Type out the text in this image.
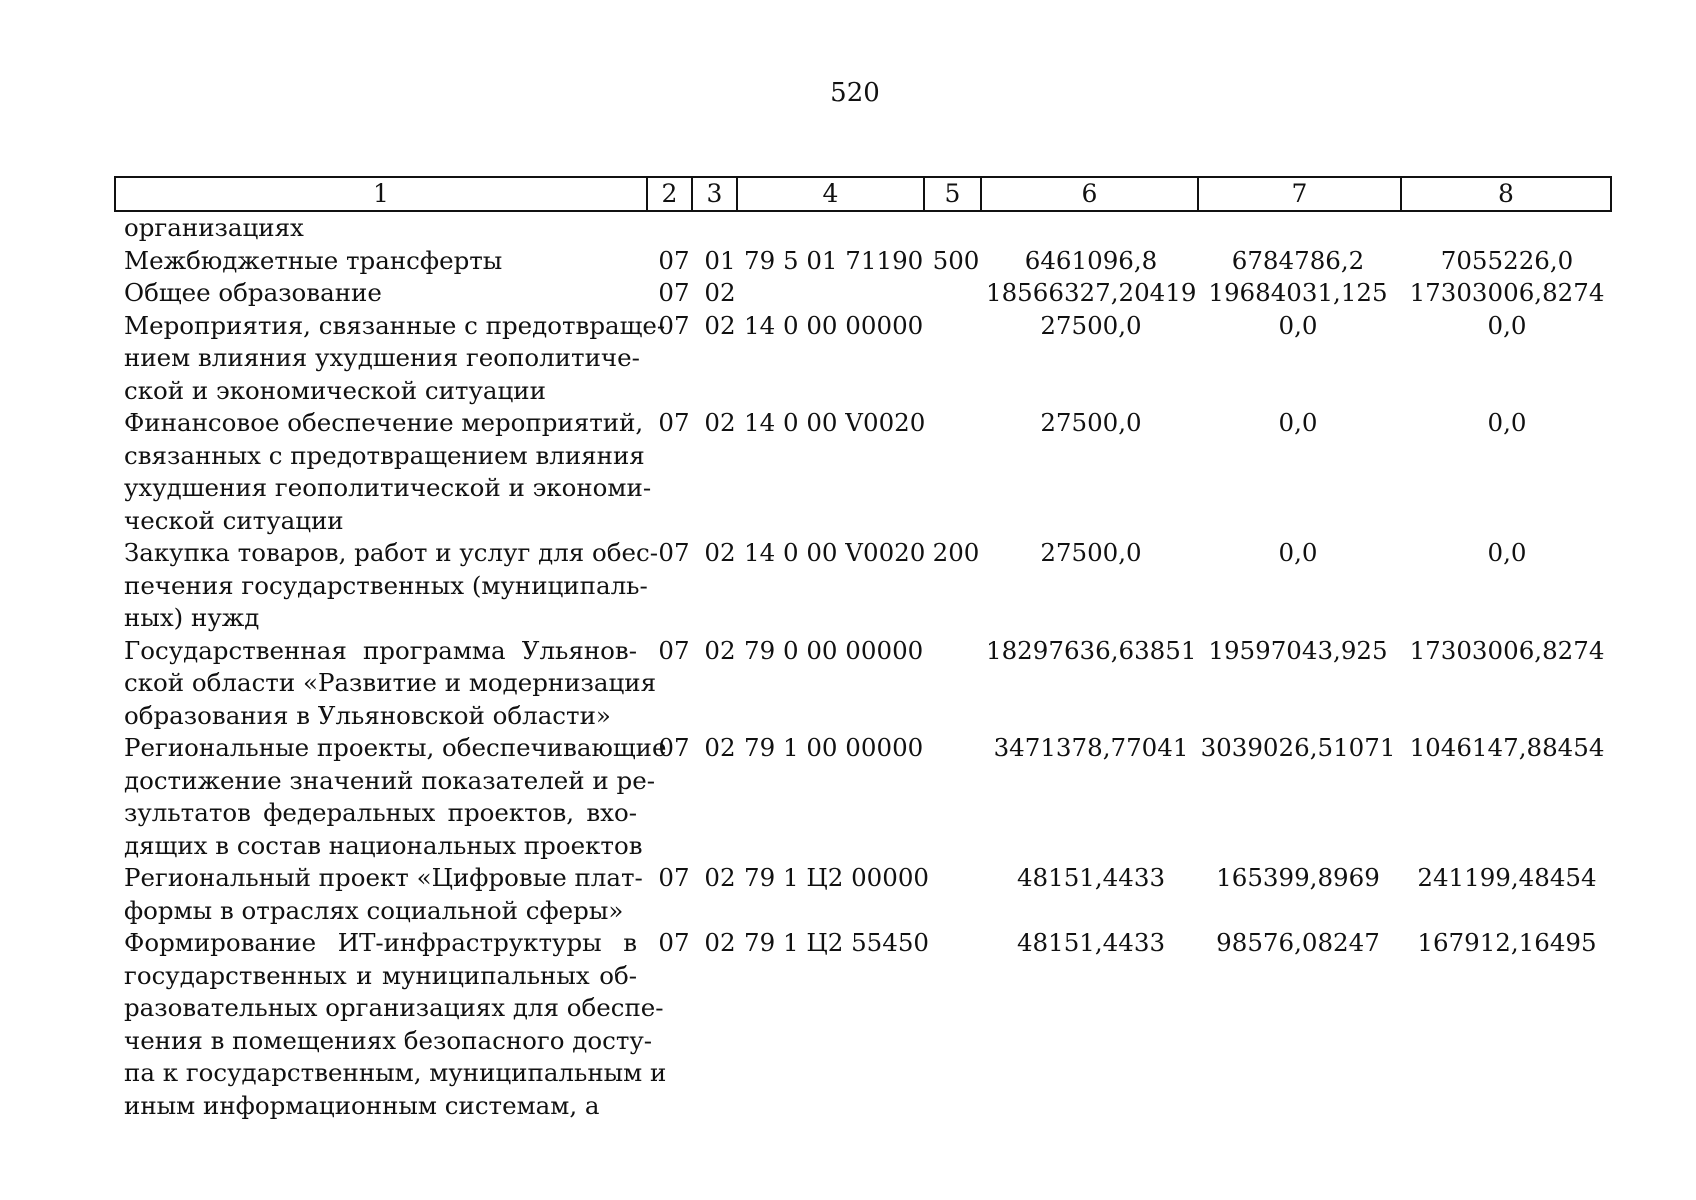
520
1	2	3	4	5	6	7	8
организациях
Межбюджетные трансферты	07 01 79 5 01 71190 500	6461096,8	6784786,2	7055226,0
Общее образование	07 02	18566327,20419 19684031,125 17303006,8274
Мероприятия, связанные с предотвраще-
нием влияния ухудшения геополитиче-
ской и экономической ситуации
07 02 14 0 00 00000	27500,0	0,0	0,0
Финансовое обеспечение мероприятий,
связанных с предотвращением влияния
ухудшения геополитической и экономи-
ческой ситуации
07 02 14 0 00 V0020	27500,0	0,0	0,0
Закупка товаров, работ и услуг для обес-
печения государственных (муниципаль-
ных) нужд
07 02 14 0 00 V0020 200	27500,0	0,0	0,0
Государственная программа Ульянов-
ской области «Развитие и модернизация
образования в Ульяновской области»
07 02 79 0 00 00000	18297636,63851 19597043,925 17303006,8274
Региональные проекты, обеспечивающие
достижение значений показателей и ре-
зультатов федеральных проектов, вхо-
дящих в состав национальных проектов
07 02 79 1 00 00000	3471378,77041 3039026,51071 1046147,88454
Региональный проект «Цифровые плат-
формы в отраслях социальной сферы»
07 02 79 1 Ц2 00000	48151,4433	165399,8969	241199,48454
Формирование ИТ-инфраструктуры в
государственных и муниципальных об-
разовательных организациях для обеспе-
чения в помещениях безопасного досту-
па к государственным, муниципальным и
иным информационным системам, а
07 02 79 1 Ц2 55450	48151,4433	98576,08247	167912,16495
